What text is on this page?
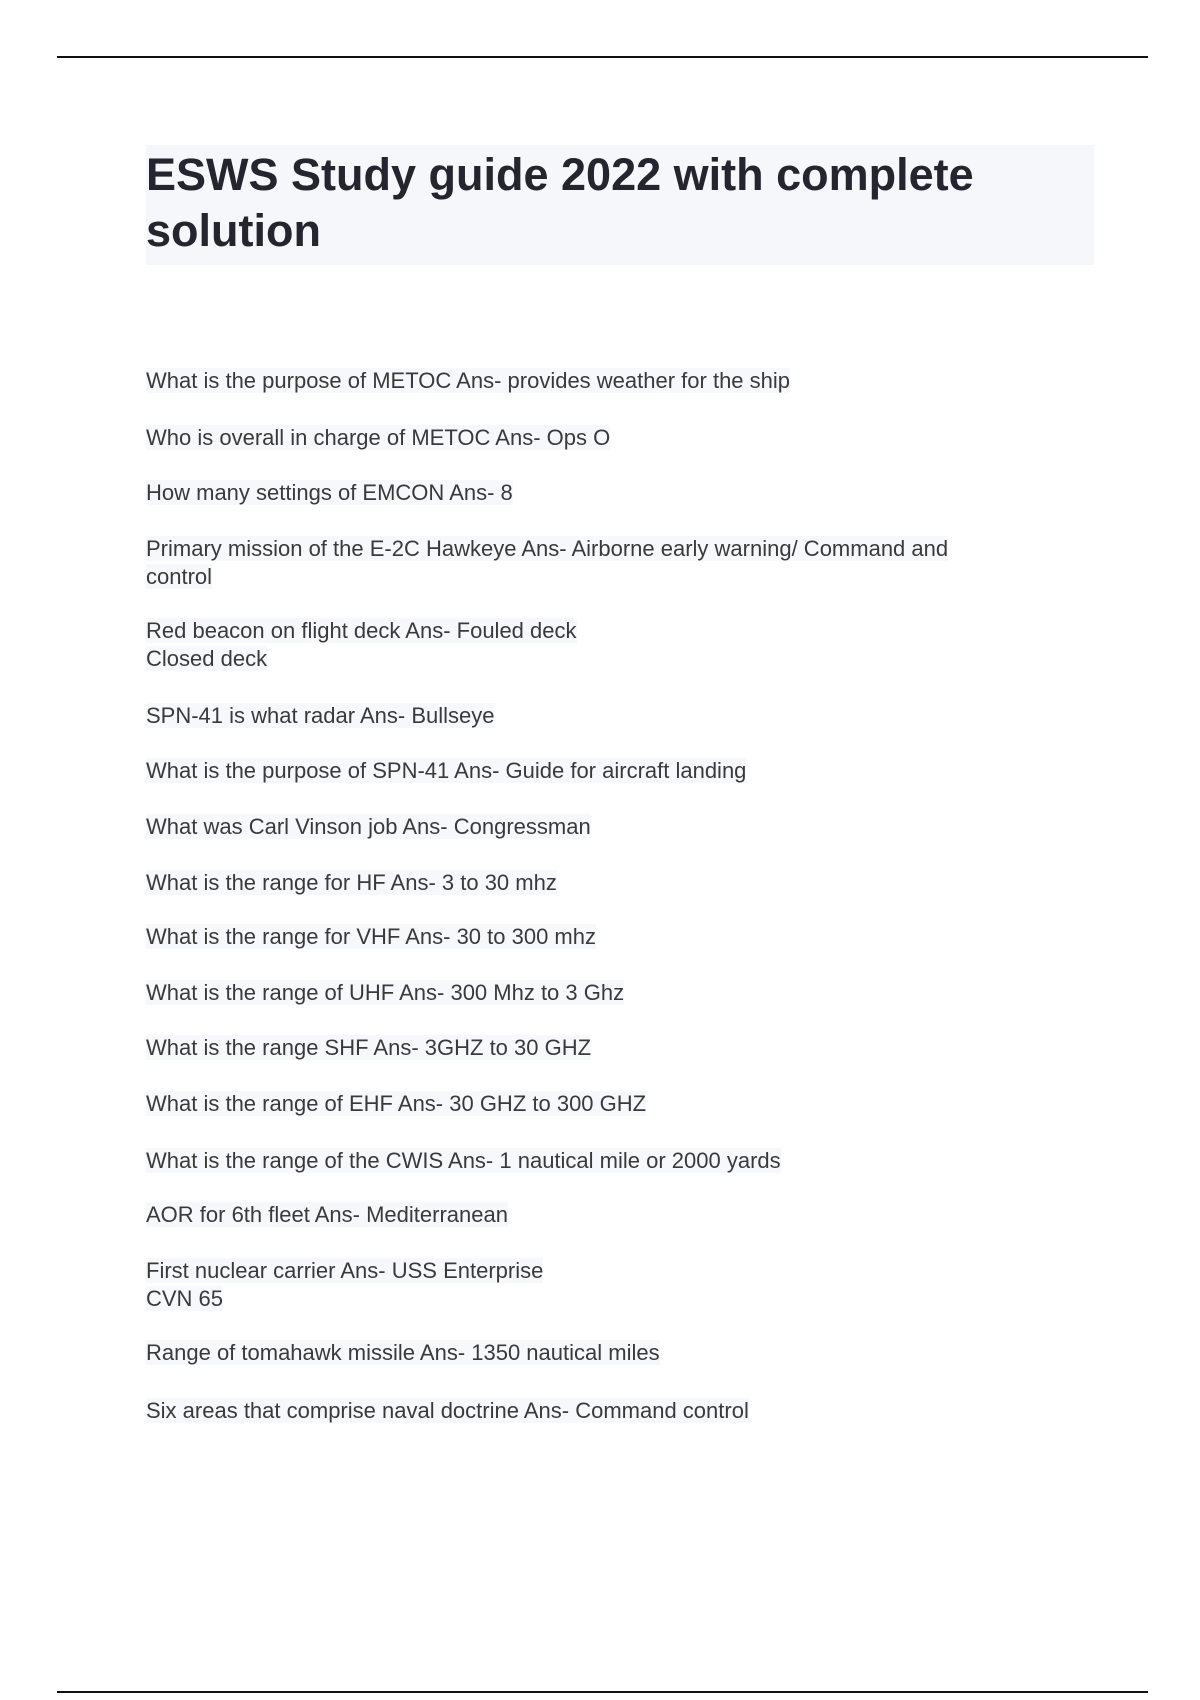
ESWS Study guide 2022 with complete solution
What is the purpose of METOC Ans- provides weather for the ship
Who is overall in charge of METOC Ans- Ops O
How many settings of EMCON Ans- 8
Primary mission of the E-2C Hawkeye Ans- Airborne early warning/ Command and
control
Red beacon on flight deck Ans- Fouled deck
Closed deck
SPN-41 is what radar Ans- Bullseye
What is the purpose of SPN-41 Ans- Guide for aircraft landing
What was Carl Vinson job Ans- Congressman
What is the range for HF Ans- 3 to 30 mhz
What is the range for VHF Ans- 30 to 300 mhz
What is the range of UHF Ans- 300 Mhz to 3 Ghz
What is the range SHF Ans- 3GHZ to 30 GHZ
What is the range of EHF Ans- 30 GHZ to 300 GHZ
What is the range of the CWIS Ans- 1 nautical mile or 2000 yards
AOR for 6th fleet Ans- Mediterranean
First nuclear carrier Ans- USS Enterprise
CVN 65
Range of tomahawk missile Ans- 1350 nautical miles
Six areas that comprise naval doctrine Ans- Command control
